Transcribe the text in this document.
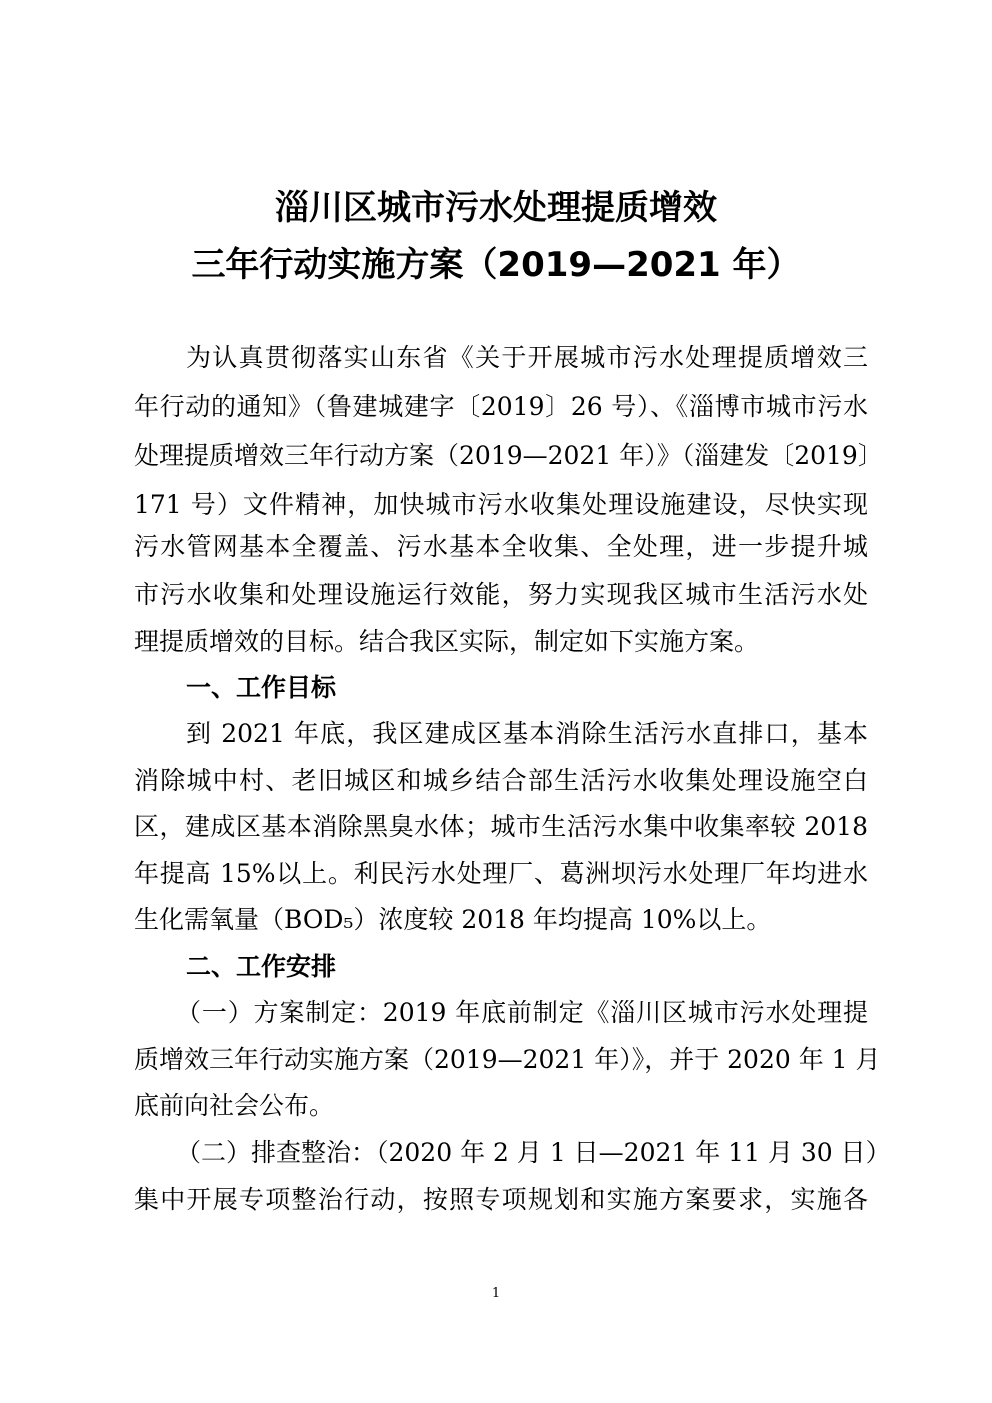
淄川区城市污水处理提质增效
三年行动实施方案（2019—2021 年）
为认真贯彻落实山东省《关于开展城市污水处理提质增效三
年行动的通知》（鲁建城建字〔2019〕26 号）、《淄博市城市污水
处理提质增效三年行动方案（2019—2021 年）》（淄建发〔2019〕
171 号）文件精神，加快城市污水收集处理设施建设，尽快实现
污水管网基本全覆盖、污水基本全收集、全处理，进一步提升城
市污水收集和处理设施运行效能，努力实现我区城市生活污水处
理提质增效的目标。结合我区实际，制定如下实施方案。
一、工作目标
到 2021 年底，我区建成区基本消除生活污水直排口，基本
消除城中村、老旧城区和城乡结合部生活污水收集处理设施空白
区，建成区基本消除黑臭水体；城市生活污水集中收集率较 2018
年提高 15%以上。利民污水处理厂、葛洲坝污水处理厂年均进水
生化需氧量（BOD₅）浓度较 2018 年均提高 10%以上。
二、工作安排
（一）方案制定：2019 年底前制定《淄川区城市污水处理提
质增效三年行动实施方案（2019—2021 年）》，并于 2020 年 1 月
底前向社会公布。
（二）排查整治：（2020 年 2 月 1 日—2021 年 11 月 30 日）
集中开展专项整治行动，按照专项规划和实施方案要求，实施各
1
